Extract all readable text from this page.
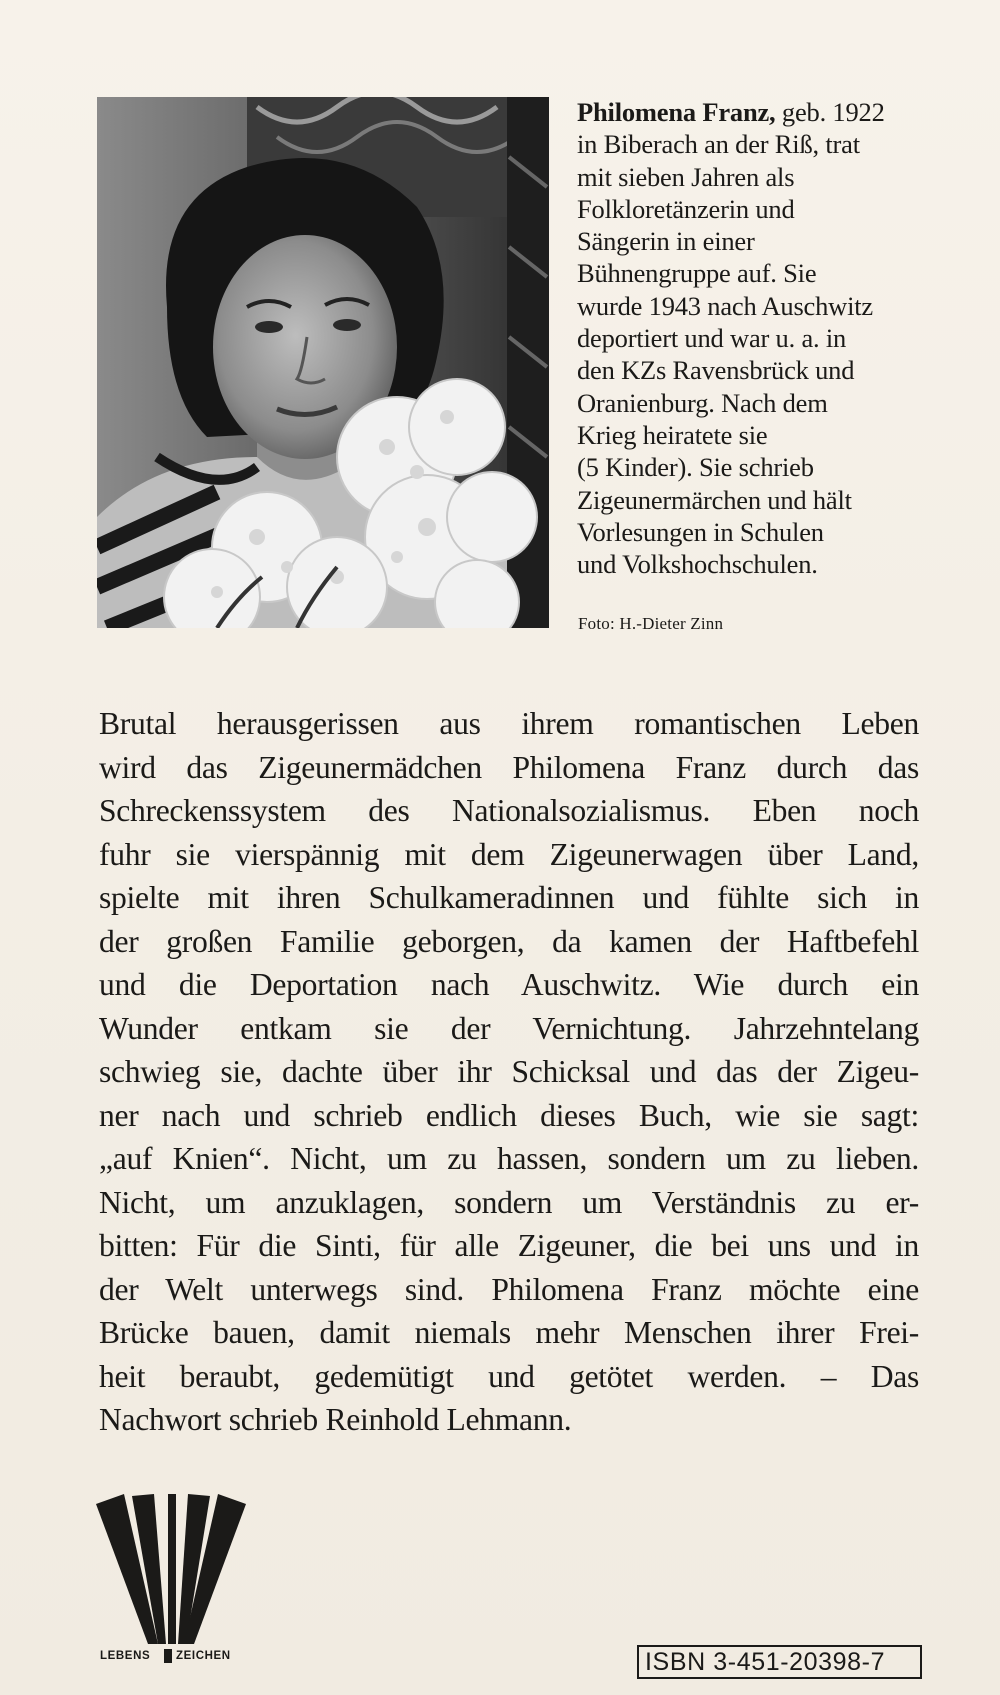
Philomena Franz, geb. 1922
in Biberach an der Riß, trat
mit sieben Jahren als
Folkloretänzerin und
Sängerin in einer
Bühnengruppe auf. Sie
wurde 1943 nach Auschwitz
deportiert und war u. a. in
den KZs Ravensbrück und
Oranienburg. Nach dem
Krieg heiratete sie
(5 Kinder). Sie schrieb
Zigeunermärchen und hält
Vorlesungen in Schulen
und Volkshochschulen.
Foto: H.-Dieter Zinn
Brutal herausgerissen aus ihrem romantischen Leben
wird das Zigeunermädchen Philomena Franz durch das
Schreckenssystem des Nationalsozialismus. Eben noch
fuhr sie vierspännig mit dem Zigeunerwagen über Land,
spielte mit ihren Schulkameradinnen und fühlte sich in
der großen Familie geborgen, da kamen der Haftbefehl
und die Deportation nach Auschwitz. Wie durch ein
Wunder entkam sie der Vernichtung. Jahrzehntelang
schwieg sie, dachte über ihr Schicksal und das der Zigeu-
ner nach und schrieb endlich dieses Buch, wie sie sagt:
„auf Knien“. Nicht, um zu hassen, sondern um zu lieben.
Nicht, um anzuklagen, sondern um Verständnis zu er-
bitten: Für die Sinti, für alle Zigeuner, die bei uns und in
der Welt unterwegs sind. Philomena Franz möchte eine
Brücke bauen, damit niemals mehr Menschen ihrer Frei-
heit beraubt, gedemütigt und getötet werden. – Das
Nachwort schrieb Reinhold Lehmann.
LEBENS ZEICHEN	ISBN 3-451-20398-7
